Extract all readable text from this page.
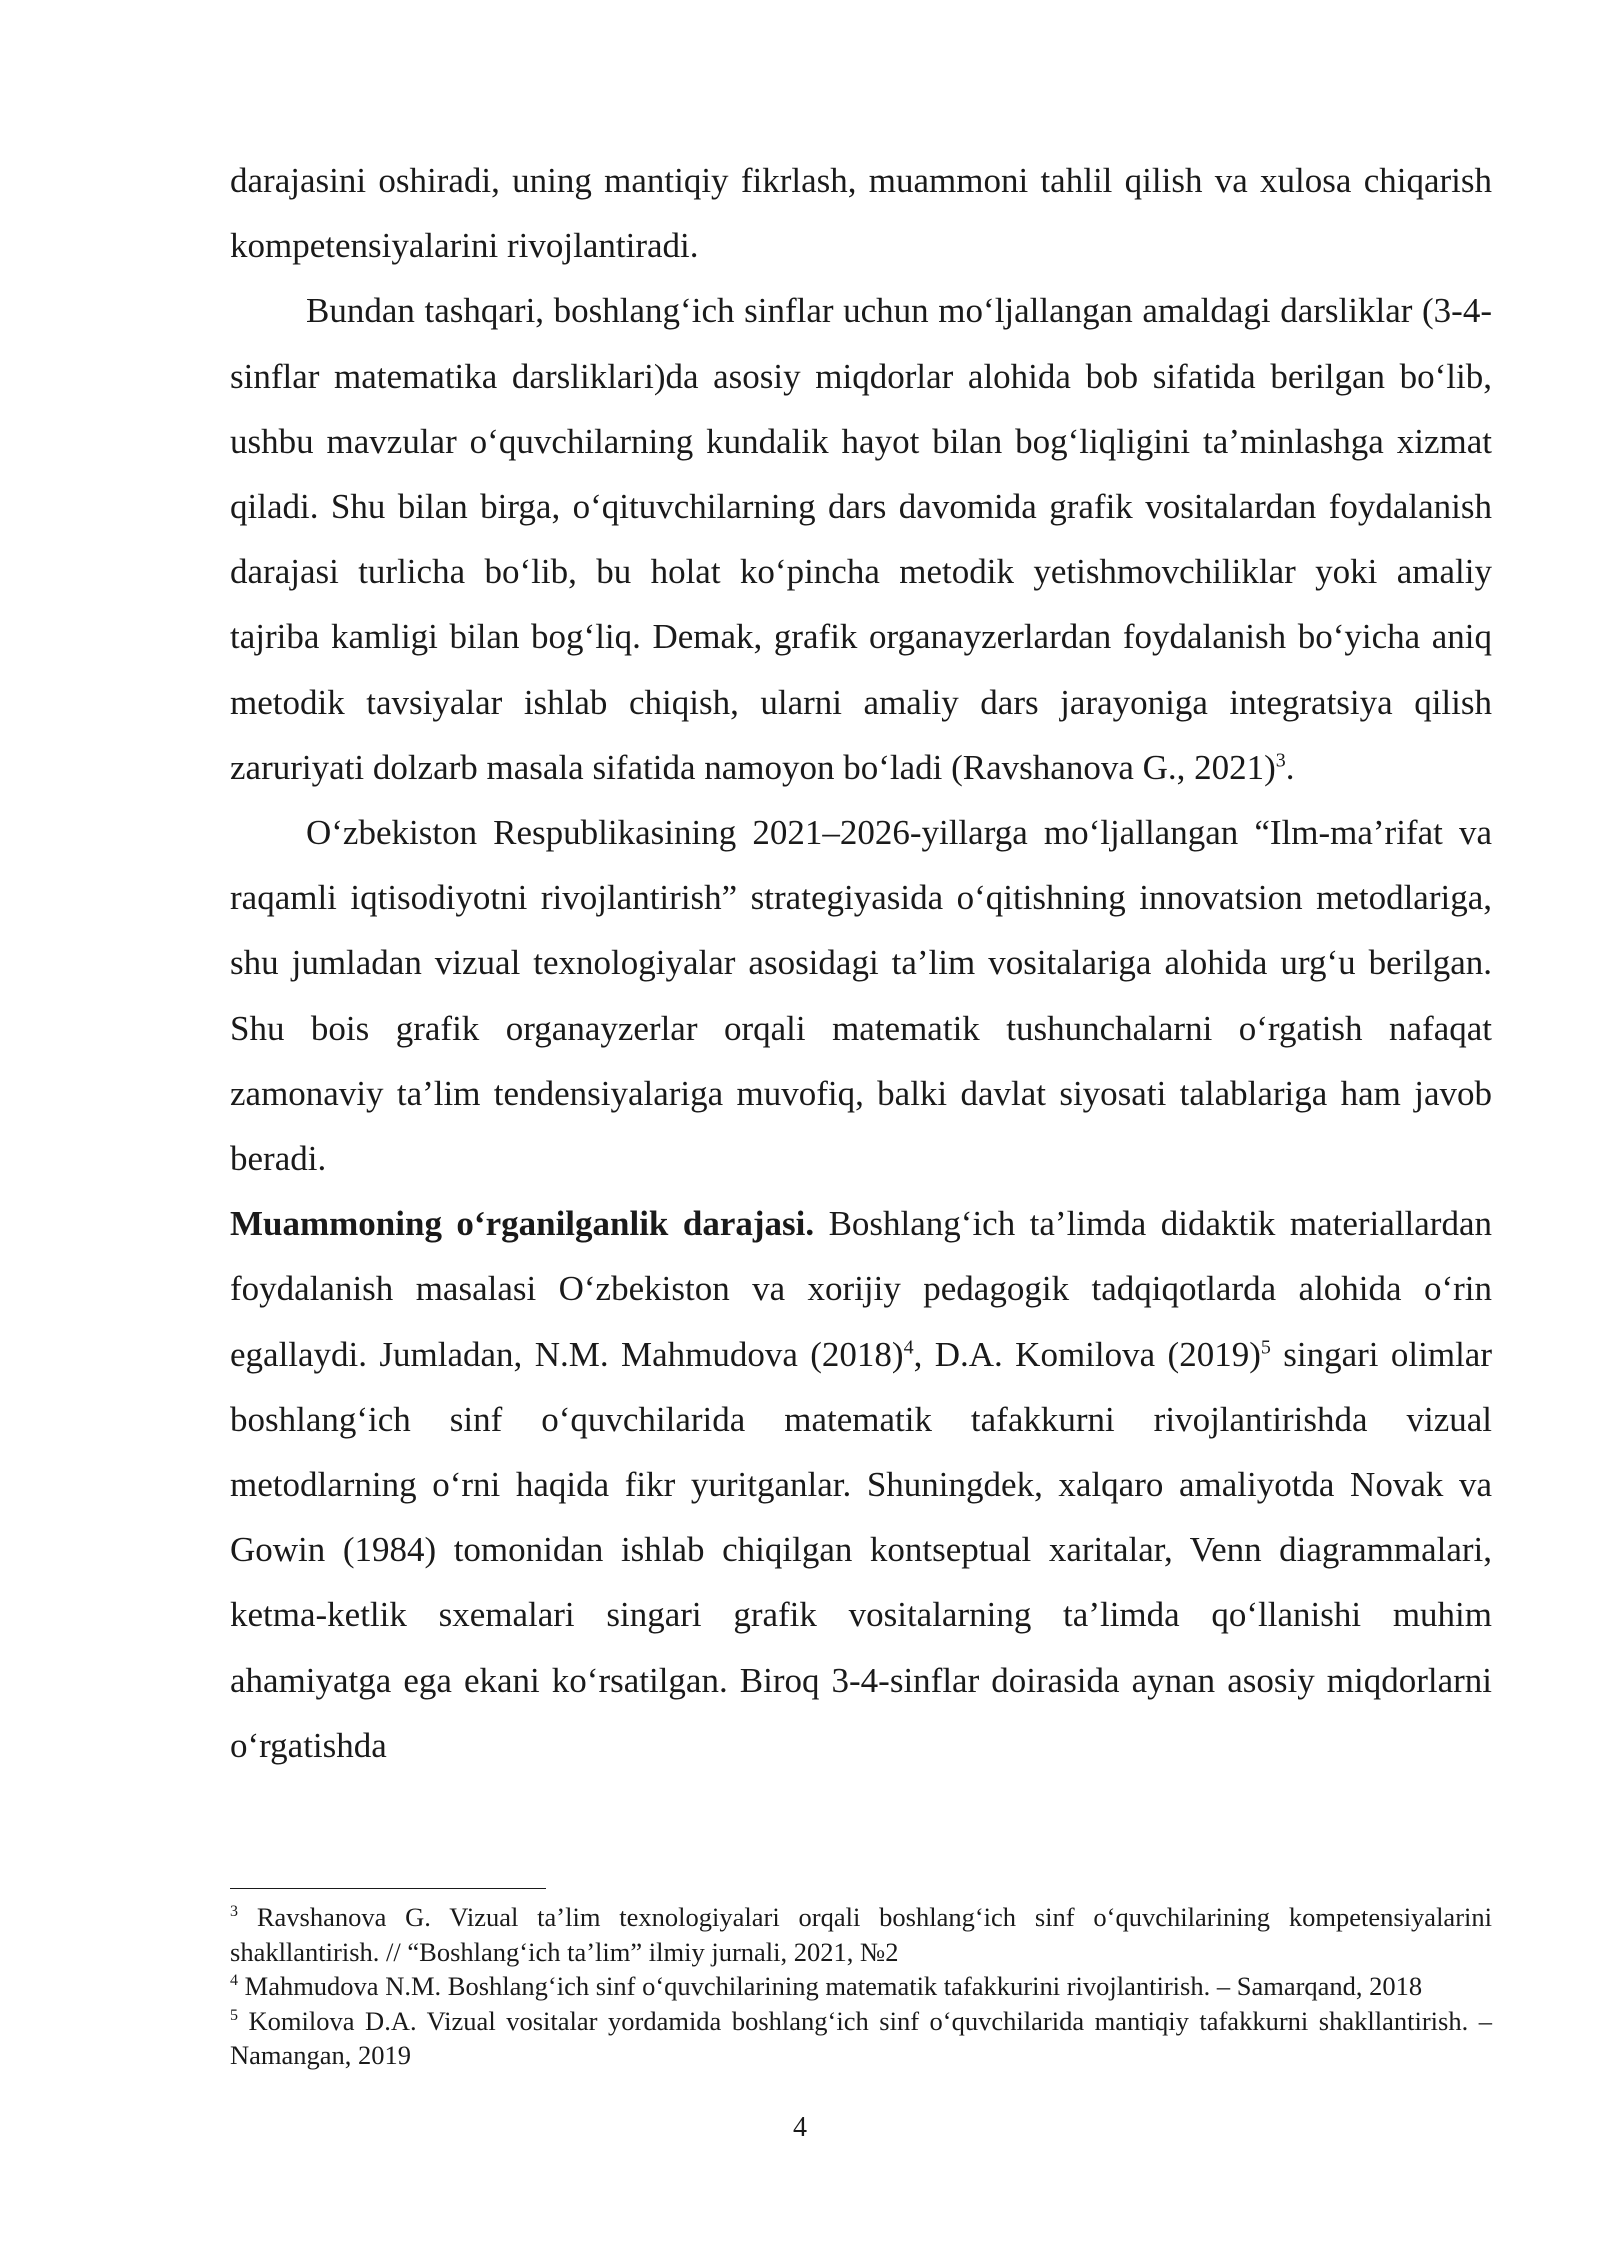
darajasini oshiradi, uning mantiqiy fikrlash, muammoni tahlil qilish va xulosa chiqarish kompetensiyalarini rivojlantiradi.

Bundan tashqari, boshlang‘ich sinflar uchun mo‘ljallangan amaldagi darsliklar (3-4-sinflar matematika darsliklari)da asosiy miqdorlar alohida bob sifatida berilgan bo‘lib, ushbu mavzular o‘quvchilarning kundalik hayot bilan bog‘liqligini ta’minlashga xizmat qiladi. Shu bilan birga, o‘qituvchilarning dars davomida grafik vositalardan foydalanish darajasi turlicha bo‘lib, bu holat ko‘pincha metodik yetishmovchiliklar yoki amaliy tajriba kamligi bilan bog‘liq. Demak, grafik organayzerlardan foydalanish bo‘yicha aniq metodik tavsiyalar ishlab chiqish, ularni amaliy dars jarayoniga integratsiya qilish zaruriyati dolzarb masala sifatida namoyon bo‘ladi (Ravshanova G., 2021)$^3$.

O‘zbekiston Respublikasining 2021–2026-yillarga mo‘ljallangan “Ilm-ma’rifat va raqamli iqtisodiyotni rivojlantirish” strategiyasida o‘qitishning innovatsion metodlariga, shu jumladan vizual texnologiyalar asosidagi ta’lim vositalariga alohida urg‘u berilgan. Shu bois grafik organayzerlar orqali matematik tushunchalarni o‘rgatish nafaqat zamonaviy ta’lim tendensiyalariga muvofiq, balki davlat siyosati talablariga ham javob beradi.

Muammoning o‘rganilganlik darajasi. Boshlang‘ich ta’limda didaktik materiallardan foydalanish masalasi O‘zbekiston va xorijiy pedagogik tadqiqotlarda alohida o‘rin egallaydi. Jumladan, N.M. Mahmudova $(2018)^4$, D.A. Komilova $(2019)^5$ singari olimlar boshlang‘ich sinf o‘quvchilarida matematik tafakkurni rivojlantirishda vizual metodlarning o‘rni haqida fikr yuritganlar. Shuningdek, xalqaro amaliyotda Novak va Gowin (1984) tomonidan ishlab chiqilgan kontseptual xaritalar, Venn diagrammalari, ketma-ketlik sxemalari singari grafik vositalarning ta’limda qo‘llanishi muhim ahamiyatga ega ekani ko‘rsatilgan. Biroq 3-4-sinflar doirasida aynan asosiy miqdorlarni o‘rgatishda

$^3$ Ravshanova G. Vizual ta’lim texnologiyalari orqali boshlang‘ich sinf o‘quvchilarining kompetensiyalarini shakllantirish. // “Boshlang‘ich ta’lim” ilmiy jurnali, 2021, №2

$^4$ Mahmudova N.M. Boshlang‘ich sinf o‘quvchilarining matematik tafakkurini rivojlantirish. – Samarqand, 2018

$^5$ Komilova D.A. Vizual vositalar yordamida boshlang‘ich sinf o‘quvchilarida mantiqiy tafakkurni shakllantirish. – Namangan, 2019

4
